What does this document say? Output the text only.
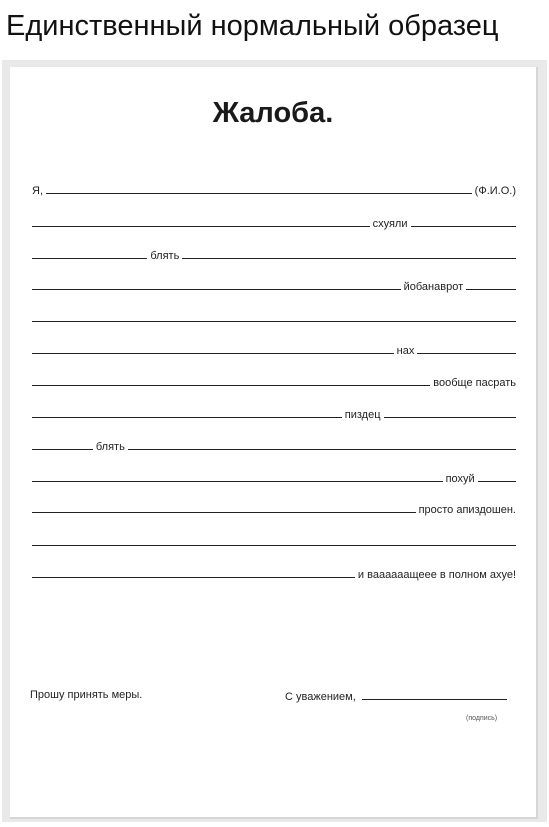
Единственный нормальный образец
Жалоба.
Я,	(Ф.И.О.)
схуяли
блять
йобанаврот
нах
вообще пасрать
пиздец
блять
похуй
просто апиздошен.
и ваааааащеее в полном ахуе!
Прошу принять меры.	С уважением,
(подпись)
